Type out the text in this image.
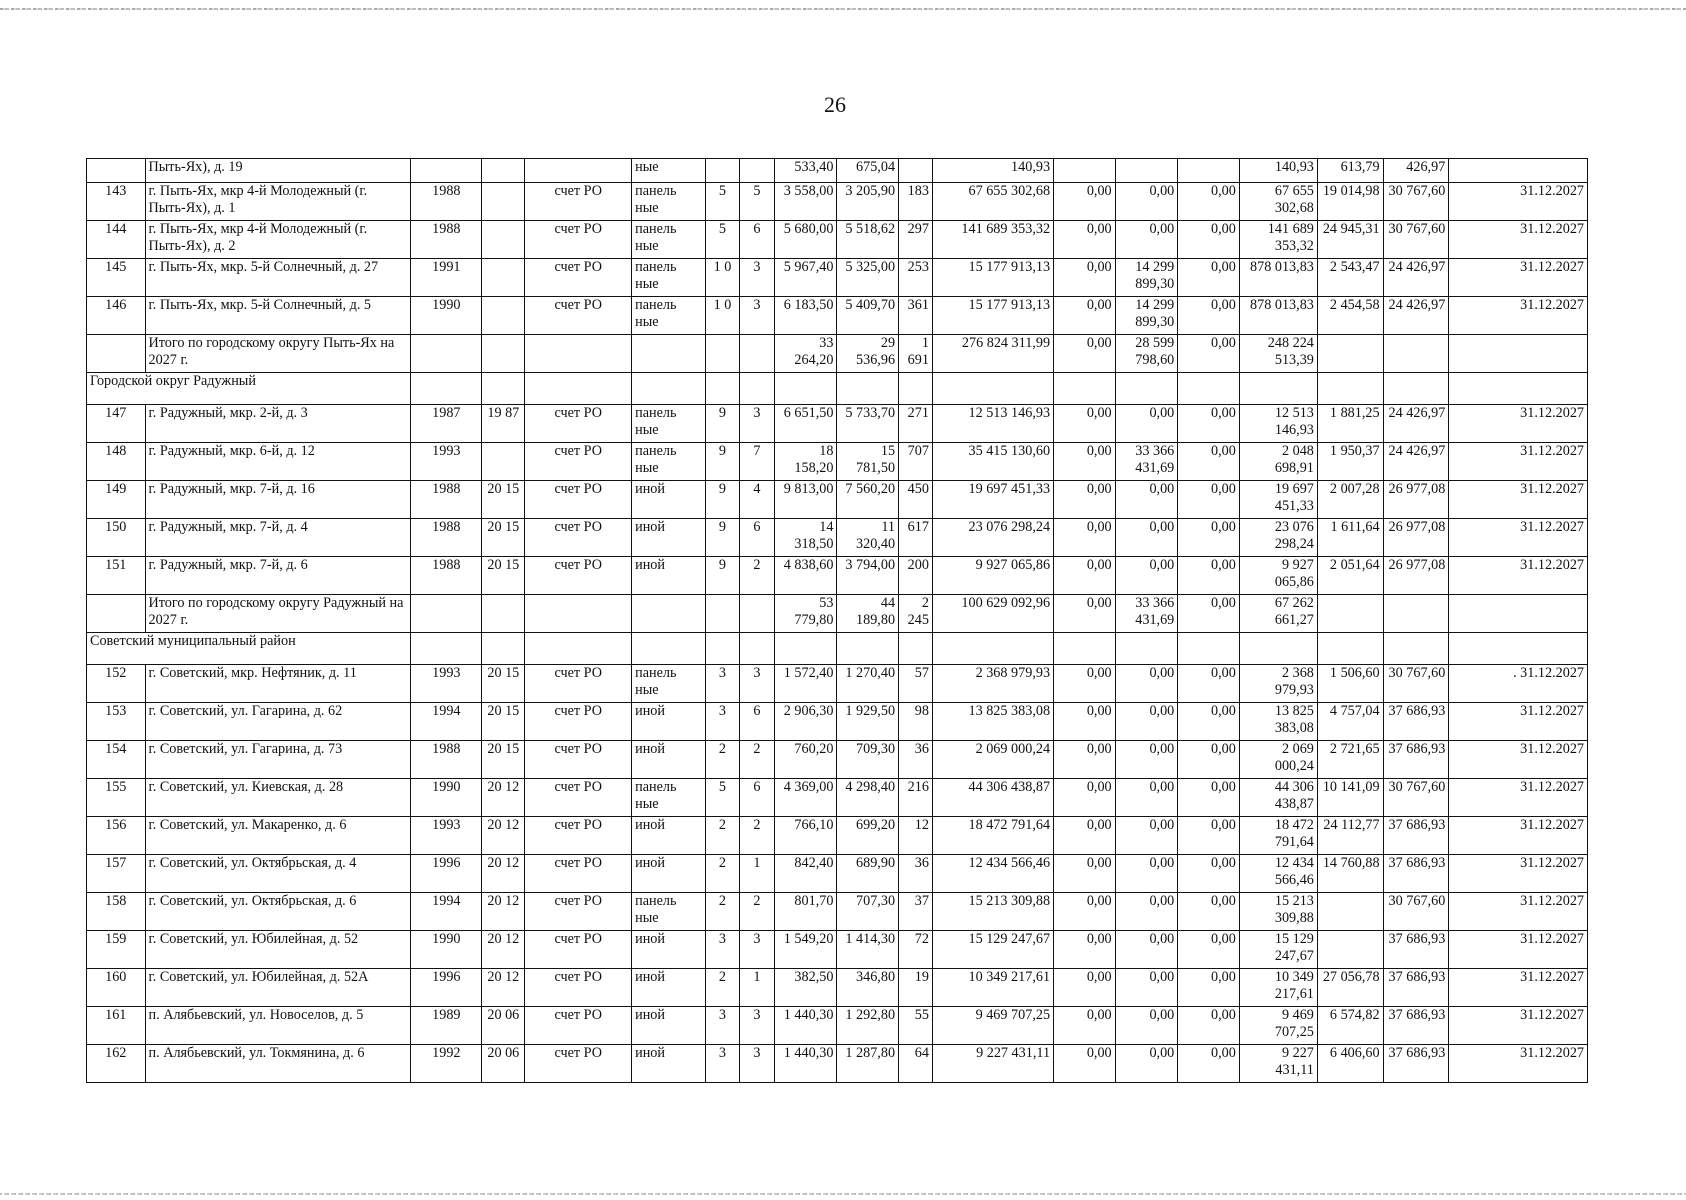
26
	Пыть-Ях), д. 19				ные			533,40	675,04		140,93				140,93	613,79	426,97	
143	г. Пыть-Ях, мкр 4-й Молодежный (г. Пыть-Ях), д. 1	1988		счет РО	панель ные	5	5	3 558,00	3 205,90	183	67 655 302,68	0,00	0,00	0,00	67 655 302,68	19 014,98	30 767,60	31.12.2027
144	г. Пыть-Ях, мкр 4-й Молодежный (г. Пыть-Ях), д. 2	1988		счет РО	панель ные	5	6	5 680,00	5 518,62	297	141 689 353,32	0,00	0,00	0,00	141 689 353,32	24 945,31	30 767,60	31.12.2027
145	г. Пыть-Ях, мкр. 5-й Солнечный, д. 27	1991		счет РО	панель ные	1 0	3	5 967,40	5 325,00	253	15 177 913,13	0,00	14 299 899,30	0,00	878 013,83	2 543,47	24 426,97	31.12.2027
146	г. Пыть-Ях, мкр. 5-й Солнечный, д. 5	1990		счет РО	панель ные	1 0	3	6 183,50	5 409,70	361	15 177 913,13	0,00	14 299 899,30	0,00	878 013,83	2 454,58	24 426,97	31.12.2027
	Итого по городскому округу Пыть-Ях на 2027 г.							33 264,20	29 536,96	1 691	276 824 311,99	0,00	28 599 798,60	0,00	248 224 513,39			
Городской округ Радужный																		
147	г. Радужный, мкр. 2-й, д. 3	1987	19 87	счет РО	панель ные	9	3	6 651,50	5 733,70	271	12 513 146,93	0,00	0,00	0,00	12 513 146,93	1 881,25	24 426,97	31.12.2027
148	г. Радужный, мкр. 6-й, д. 12	1993		счет РО	панель ные	9	7	18 158,20	15 781,50	707	35 415 130,60	0,00	33 366 431,69	0,00	2 048 698,91	1 950,37	24 426,97	31.12.2027
149	г. Радужный, мкр. 7-й, д. 16	1988	20 15	счет РО	иной	9	4	9 813,00	7 560,20	450	19 697 451,33	0,00	0,00	0,00	19 697 451,33	2 007,28	26 977,08	31.12.2027
150	г. Радужный, мкр. 7-й, д. 4	1988	20 15	счет РО	иной	9	6	14 318,50	11 320,40	617	23 076 298,24	0,00	0,00	0,00	23 076 298,24	1 611,64	26 977,08	31.12.2027
151	г. Радужный, мкр. 7-й, д. 6	1988	20 15	счет РО	иной	9	2	4 838,60	3 794,00	200	9 927 065,86	0,00	0,00	0,00	9 927 065,86	2 051,64	26 977,08	31.12.2027
	Итого по городскому округу Радужный на 2027 г.							53 779,80	44 189,80	2 245	100 629 092,96	0,00	33 366 431,69	0,00	67 262 661,27			
Советский муниципальный район																		
152	г. Советский, мкр. Нефтяник, д. 11	1993	20 15	счет РО	панель ные	3	3	1 572,40	1 270,40	57	2 368 979,93	0,00	0,00	0,00	2 368 979,93	1 506,60	30 767,60	. 31.12.2027
153	г. Советский, ул. Гагарина, д. 62	1994	20 15	счет РО	иной	3	6	2 906,30	1 929,50	98	13 825 383,08	0,00	0,00	0,00	13 825 383,08	4 757,04	37 686,93	31.12.2027
154	г. Советский, ул. Гагарина, д. 73	1988	20 15	счет РО	иной	2	2	760,20	709,30	36	2 069 000,24	0,00	0,00	0,00	2 069 000,24	2 721,65	37 686,93	31.12.2027
155	г. Советский, ул. Киевская, д. 28	1990	20 12	счет РО	панель ные	5	6	4 369,00	4 298,40	216	44 306 438,87	0,00	0,00	0,00	44 306 438,87	10 141,09	30 767,60	31.12.2027
156	г. Советский, ул. Макаренко, д. 6	1993	20 12	счет РО	иной	2	2	766,10	699,20	12	18 472 791,64	0,00	0,00	0,00	18 472 791,64	24 112,77	37 686,93	31.12.2027
157	г. Советский, ул. Октябрьская, д. 4	1996	20 12	счет РО	иной	2	1	842,40	689,90	36	12 434 566,46	0,00	0,00	0,00	12 434 566,46	14 760,88	37 686,93	31.12.2027
158	г. Советский, ул. Октябрьская, д. 6	1994	20 12	счет РО	панель ные	2	2	801,70	707,30	37	15 213 309,88	0,00	0,00	0,00	15 213 309,88		30 767,60	31.12.2027
159	г. Советский, ул. Юбилейная, д. 52	1990	20 12	счет РО	иной	3	3	1 549,20	1 414,30	72	15 129 247,67	0,00	0,00	0,00	15 129 247,67		37 686,93	31.12.2027
160	г. Советский, ул. Юбилейная, д. 52А	1996	20 12	счет РО	иной	2	1	382,50	346,80	19	10 349 217,61	0,00	0,00	0,00	10 349 217,61	27 056,78	37 686,93	31.12.2027
161	п. Алябьевский, ул. Новоселов, д. 5	1989	20 06	счет РО	иной	3	3	1 440,30	1 292,80	55	9 469 707,25	0,00	0,00	0,00	9 469 707,25	6 574,82	37 686,93	31.12.2027
162	п. Алябьевский, ул. Токмянина, д. 6	1992	20 06	счет РО	иной	3	3	1 440,30	1 287,80	64	9 227 431,11	0,00	0,00	0,00	9 227 431,11	6 406,60	37 686,93	31.12.2027
